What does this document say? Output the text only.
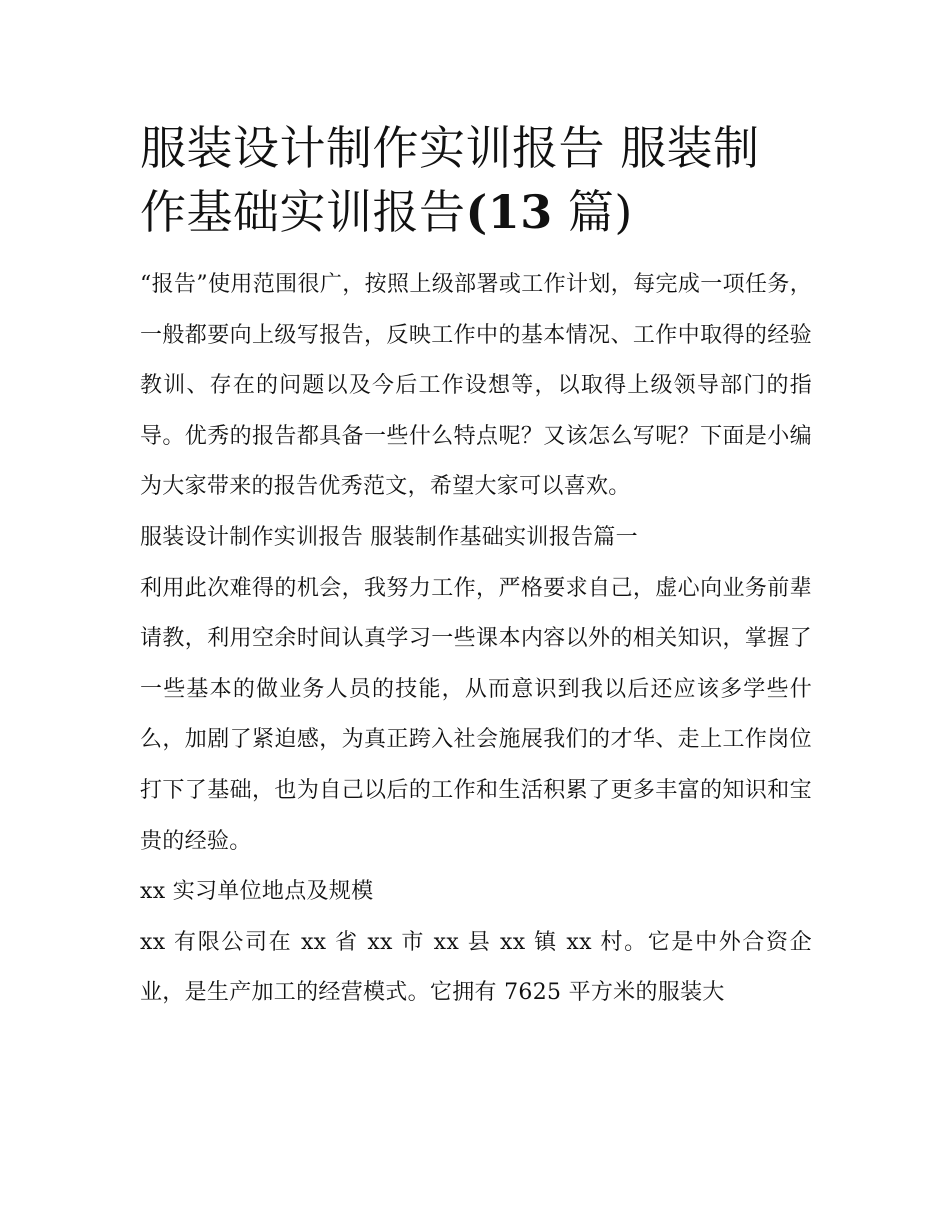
服装设计制作实训报告 服装制
作基础实训报告(13 篇)

“报告”使用范围很广，按照上级部署或工作计划，每完成一项任务，一般都要向上级写报告，反映工作中的基本情况、工作中取得的经验教训、存在的问题以及今后工作设想等，以取得上级领导部门的指导。优秀的报告都具备一些什么特点呢？又该怎么写呢？下面是小编为大家带来的报告优秀范文，希望大家可以喜欢。

服装设计制作实训报告 服装制作基础实训报告篇一

利用此次难得的机会，我努力工作，严格要求自己，虚心向业务前辈请教，利用空余时间认真学习一些课本内容以外的相关知识，掌握了一些基本的做业务人员的技能，从而意识到我以后还应该多学些什么，加剧了紧迫感，为真正跨入社会施展我们的才华、走上工作岗位打下了基础，也为自己以后的工作和生活积累了更多丰富的知识和宝贵的经验。

xx 实习单位地点及规模

xx 有限公司在 xx 省 xx 市 xx 县 xx 镇 xx 村。它是中外合资企业，是生产加工的经营模式。它拥有 7625 平方米的服装大
